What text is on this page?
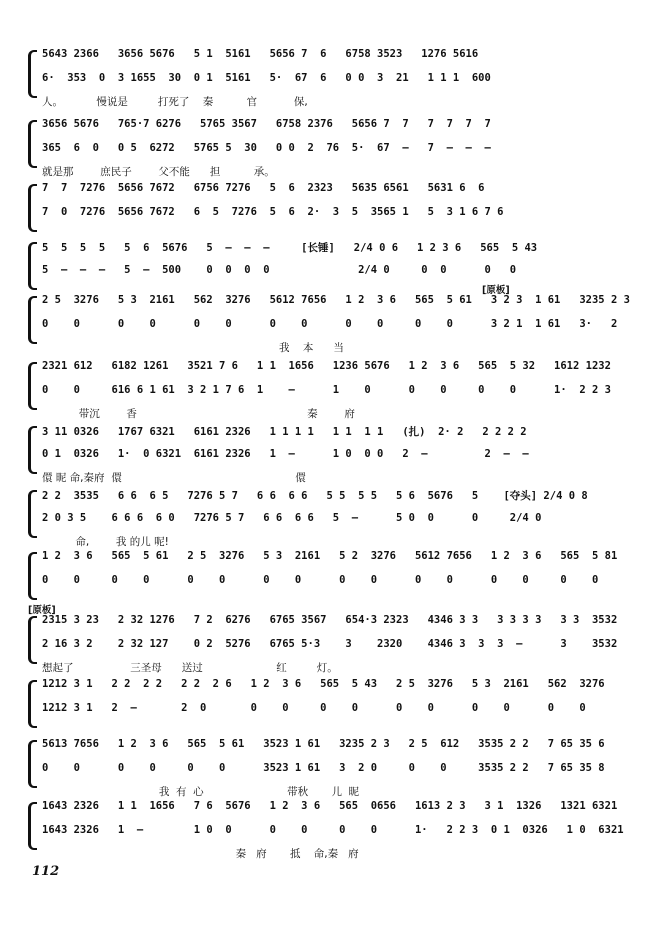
5643 2366   3656 5676   5 1  5161   5656 7  6   6758 3523   1276 5616
6·  353  0  3 1655  30  0 1  5161   5·  67  6   0 0  3  21   1 1 1  600
人。          慢说是         打死了    秦          官           保,
3656 5676   765·7 6276   5765 3567   6758 2376   5656 7  7   7  7  7  7
365  6  0   0 5  6272   5765 5  30   0 0  2  76  5·  67  —   7  —  —  —
就是那        庶民子        父不能      担          承。
7  7  7276  5656 7672   6756 7276   5  6  2323   5635 6561   5631 6  6
7  0  7276  5656 7672   6  5  7276  5  6  2·  3  5  3565 1   5  3 1 6 7 6
5  5  5  5   5  6  5676   5  —  —  —     [长锤]   2/4 0 6   1 2 3 6   565  5 43
5  —  —  —   5  —  500    0  0  0  0              2/4 0     0  0      0   0
[原板]
2 5  3276   5 3  2161   562  3276   5612 7656   1 2  3 6   565  5 61   3 2 3  1 61   3235 2 3
0    0      0    0      0    0      0    0      0    0     0    0      3 2 1  1 61   3·   2
我    本      当
2321 612   6182 1261   3521 7 6   1 1  1656   1236 5676   1 2  3 6   565  5 32   1612 1232
0    0     616 6 1 61  3 2 1 7 6  1    —      1    0      0    0     0    0      1·  2 2 3
带沉        香                                                   秦        府
3 11 0326   1767 6321   6161 2326   1 1 1 1   1 1  1 1   (扎)  2· 2   2 2 2 2
0 1  0326   1·  0 6321  6161 2326   1  —      1 0  0 0   2  —         2  —  —
儇 昵 命,秦府  儇                                                    儇
2 2  3535   6 6  6 5   7276 5 7   6 6  6 6   5 5  5 5   5 6  5676   5    [夺头] 2/4 0 8
2 0 3 5    6 6 6  6 0   7276 5 7   6 6  6 6   5  —      5 0  0      0     2/4 0
命,        我 的儿 呢!
1 2  3 6   565  5 61   2 5  3276   5 3  2161   5 2  3276   5612 7656   1 2  3 6   565  5 81
0    0     0    0      0    0      0    0      0    0      0    0      0    0     0    0
[原板]
2315 3 23   2 32 1276   7 2  6276   6765 3567   654·3 2323   4346 3 3   3 3 3 3   3 3  3532
2 16 3 2    2 32 127    0 2  5276   6765 5·3    3    2320    4346 3  3  3  —      3    3532
想起了                 三圣母      送过                      红         灯。
1212 3 1   2 2  2 2   2 2  2 6   1 2  3 6   565  5 43   2 5  3276   5 3  2161   562  3276
1212 3 1   2  —       2  0       0    0     0    0      0    0      0    0      0    0
5613 7656   1 2  3 6   565  5 61   3523 1 61   3235 2 3   2 5  612   3535 2 2   7 65 35 6
0    0      0    0     0    0      3523 1 61   3  2 0     0    0     3535 2 2   7 65 35 8
我  有  心                         带秋       儿  昵
1643 2326   1 1  1656   7 6  5676   1 2  3 6   565  0656   1613 2 3   3 1  1326   1321 6321
1643 2326   1  —        1 0  0      0    0     0    0      1·   2 2 3  0 1  0326   1 0  6321
秦   府       抵    命,秦   府
112
